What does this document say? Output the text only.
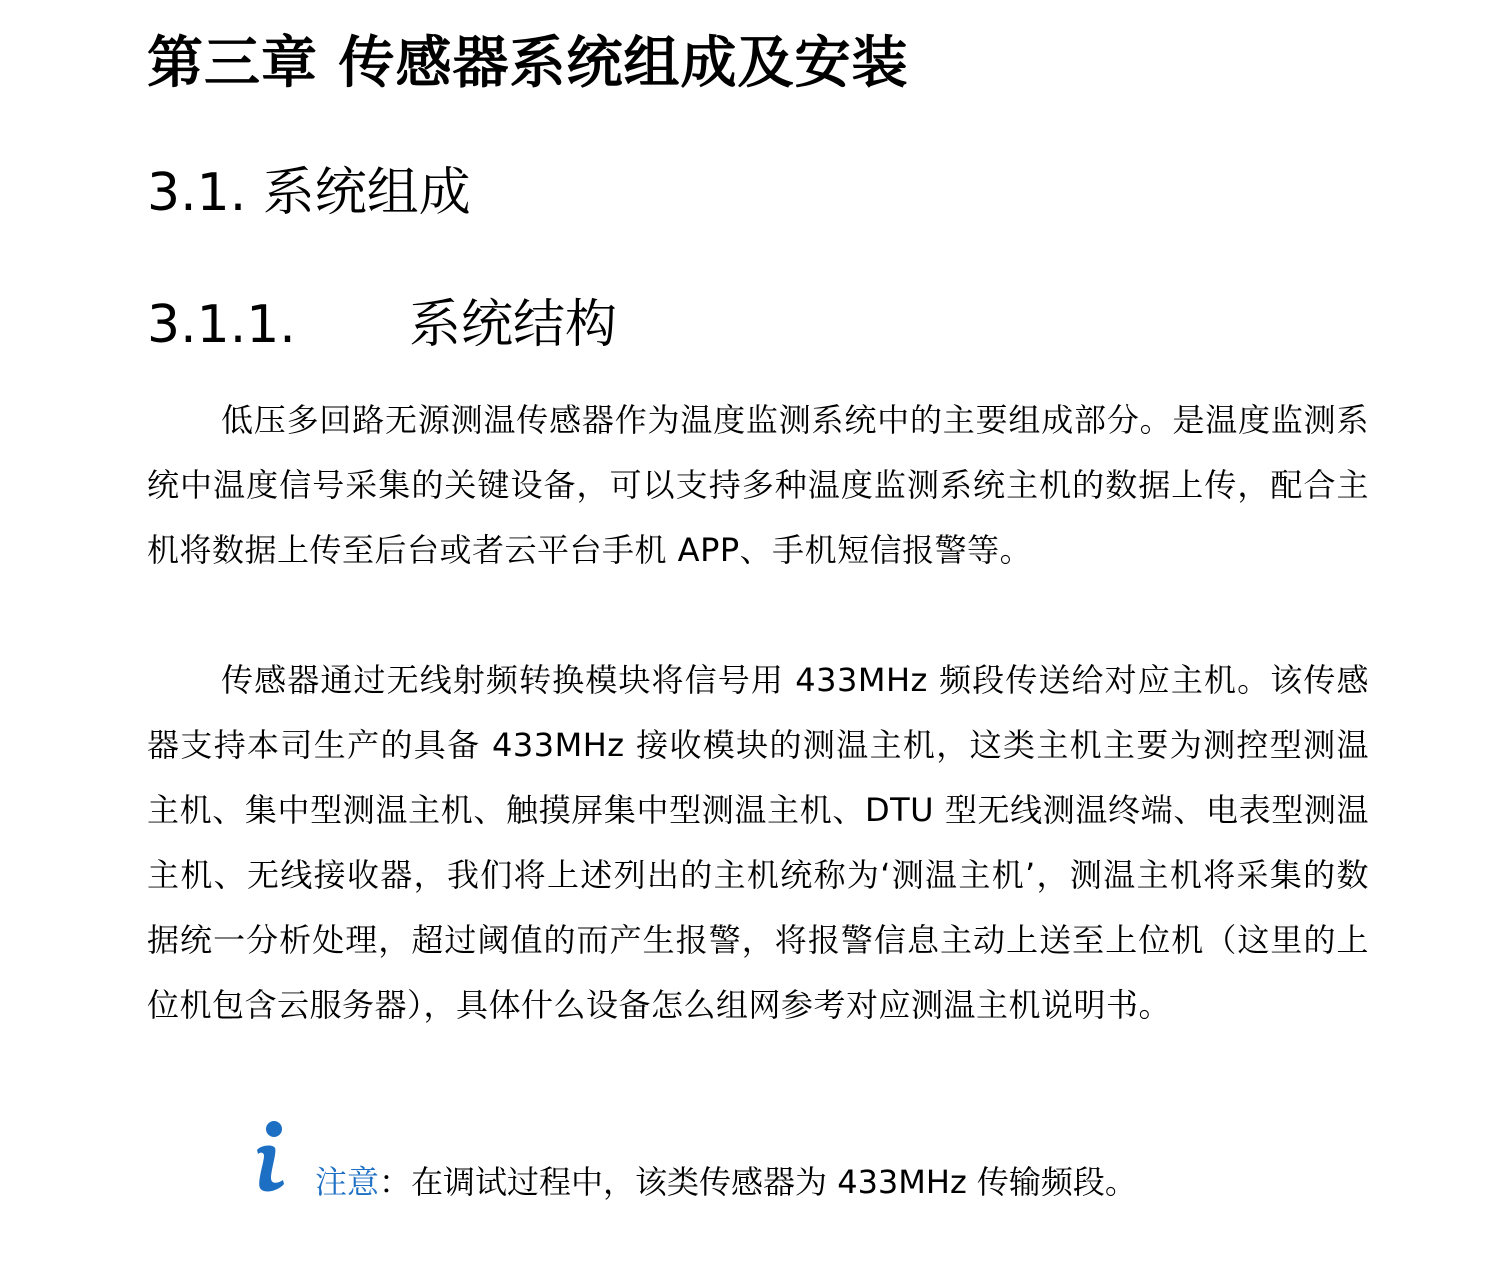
第三章 传感器系统组成及安装
3.1. 系统组成
3.1.1.	系统结构

低压多回路无源测温传感器作为温度监测系统中的主要组成部分。是温度监测系统中温度信号采集的关键设备，可以支持多种温度监测系统主机的数据上传，配合主机将数据上传至后台或者云平台手机 APP、手机短信报警等。

传感器通过无线射频转换模块将信号用 433MHz 频段传送给对应主机。该传感器支持本司生产的具备 433MHz 接收模块的测温主机，这类主机主要为测控型测温主机、集中型测温主机、触摸屏集中型测温主机、DTU 型无线测温终端、电表型测温主机、无线接收器，我们将上述列出的主机统称为‘测温主机’，测温主机将采集的数据统一分析处理，超过阈值的而产生报警，将报警信息主动上送至上位机（这里的上位机包含云服务器），具体什么设备怎么组网参考对应测温主机说明书。

注意：在调试过程中，该类传感器为 433MHz 传输频段。
